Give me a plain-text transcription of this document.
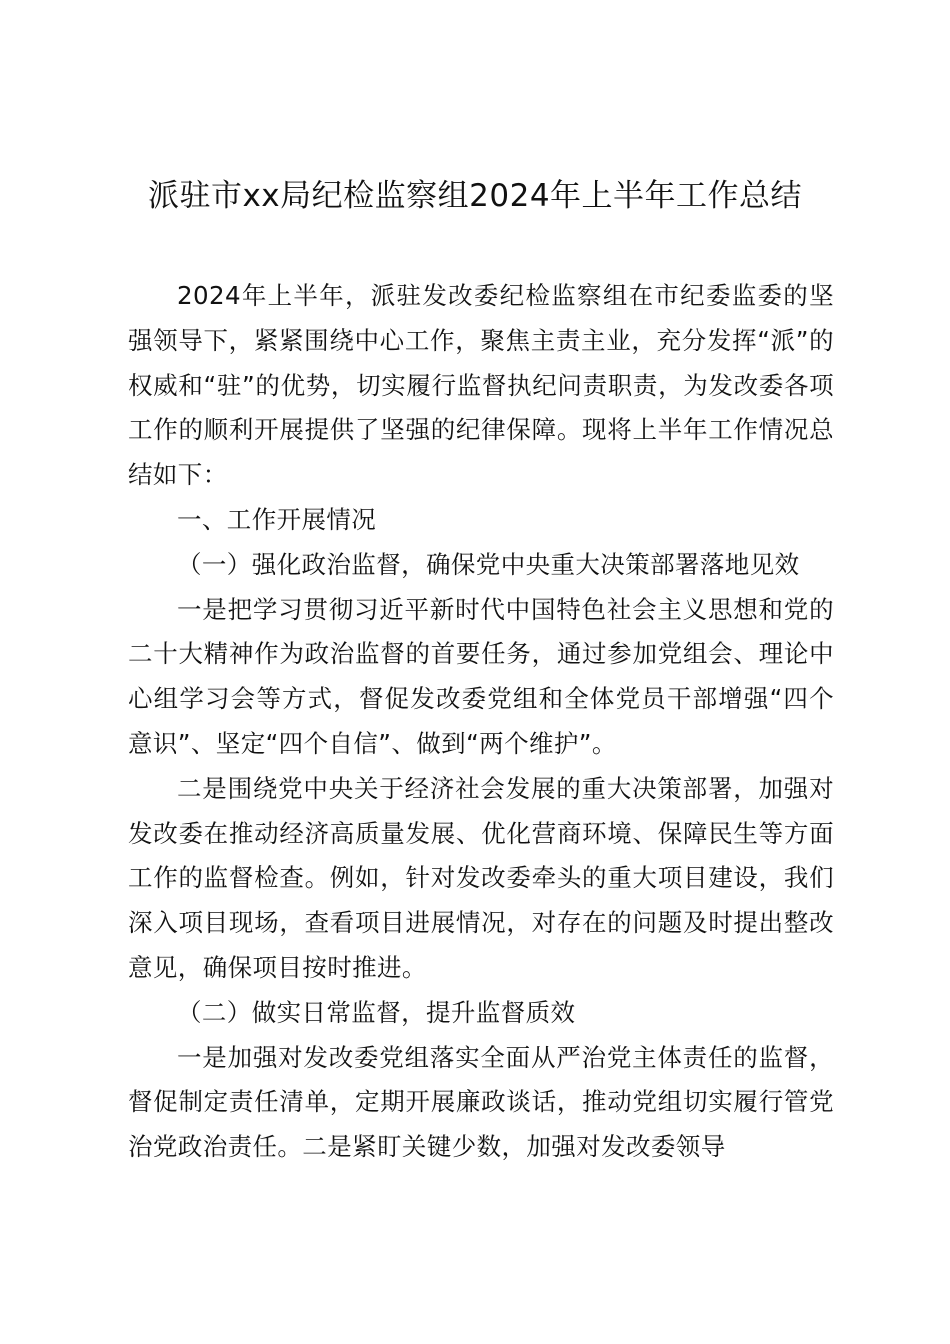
派驻市xx局纪检监察组2024年上半年工作总结

2024年上半年，派驻发改委纪检监察组在市纪委监委的坚强领导下，紧紧围绕中心工作，聚焦主责主业，充分发挥“派”的权威和“驻”的优势，切实履行监督执纪问责职责，为发改委各项工作的顺利开展提供了坚强的纪律保障。现将上半年工作情况总结如下：

一、工作开展情况

（一）强化政治监督，确保党中央重大决策部署落地见效

一是把学习贯彻习近平新时代中国特色社会主义思想和党的二十大精神作为政治监督的首要任务，通过参加党组会、理论中心组学习会等方式，督促发改委党组和全体党员干部增强“四个意识”、坚定“四个自信”、做到“两个维护”。

二是围绕党中央关于经济社会发展的重大决策部署，加强对发改委在推动经济高质量发展、优化营商环境、保障民生等方面工作的监督检查。例如，针对发改委牵头的重大项目建设，我们深入项目现场，查看项目进展情况，对存在的问题及时提出整改意见，确保项目按时推进。

（二）做实日常监督，提升监督质效

一是加强对发改委党组落实全面从严治党主体责任的监督，督促制定责任清单，定期开展廉政谈话，推动党组切实履行管党治党政治责任。二是紧盯关键少数，加强对发改委领导
